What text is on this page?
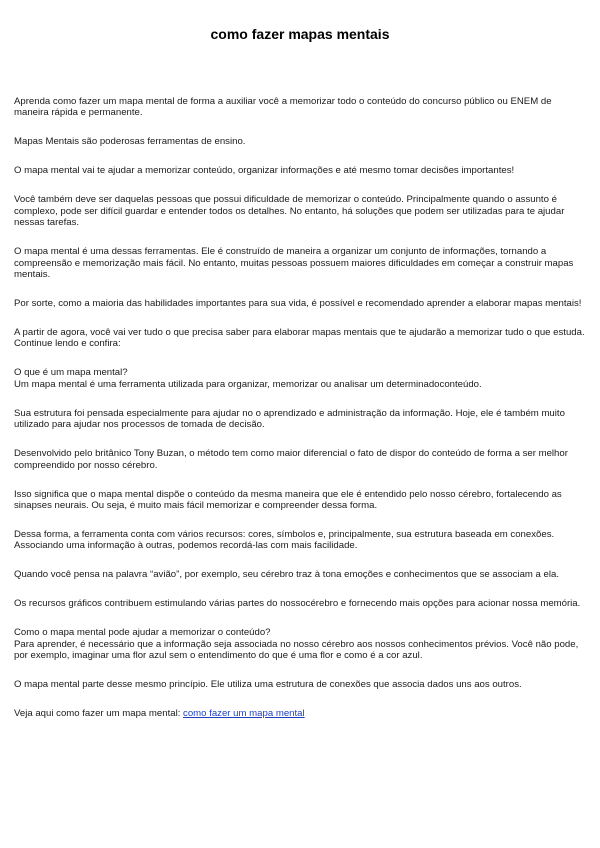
como fazer mapas mentais

Aprenda como fazer um mapa mental de forma a auxiliar você a memorizar todo o conteúdo do concurso público ou ENEM de maneira rápida e permanente.

Mapas Mentais são poderosas ferramentas de ensino.

O mapa mental vai te ajudar a memorizar conteúdo, organizar informações e até mesmo tomar decisões importantes!

Você também deve ser daquelas pessoas que possui dificuldade de memorizar o conteúdo. Principalmente quando o assunto é complexo, pode ser difícil guardar e entender todos os detalhes. No entanto, há soluções que podem ser utilizadas para te ajudar nessas tarefas.

O mapa mental é uma dessas ferramentas. Ele é construído de maneira a organizar um conjunto de informações, tornando a compreensão e memorização mais fácil. No entanto, muitas pessoas possuem maiores dificuldades em começar a construir mapas mentais.

Por sorte, como a maioria das habilidades importantes para sua vida, é possível e recomendado aprender a elaborar mapas mentais!

A partir de agora, você vai ver tudo o que precisa saber para elaborar mapas mentais que te ajudarão a memorizar tudo o que estuda. Continue lendo e confira:

O que é um mapa mental?
Um mapa mental é uma ferramenta utilizada para organizar, memorizar ou analisar um determinadoconteúdo.

Sua estrutura foi pensada especialmente para ajudar no o aprendizado e administração da informação. Hoje, ele é também muito utilizado para ajudar nos processos de tomada de decisão.

Desenvolvido pelo britânico Tony Buzan, o método tem como maior diferencial o fato de dispor do conteúdo de forma a ser melhor compreendido por nosso cérebro.

Isso significa que o mapa mental dispõe o conteúdo da mesma maneira que ele é entendido pelo nosso cérebro, fortalecendo as sinapses neurais. Ou seja, é muito mais fácil memorizar e compreender dessa forma.

Dessa forma, a ferramenta conta com vários recursos: cores, símbolos e, principalmente, sua estrutura baseada em conexões. Associando uma informação à outras, podemos recordá-las com mais facilidade.

Quando você pensa na palavra “avião”, por exemplo, seu cérebro traz à tona emoções e conhecimentos que se associam a ela.

Os recursos gráficos contribuem estimulando várias partes do nossocérebro e fornecendo mais opções para acionar nossa memória.

Como o mapa mental pode ajudar a memorizar o conteúdo?
Para aprender, é necessário que a informação seja associada no nosso cérebro aos nossos conhecimentos prévios. Você não pode, por exemplo, imaginar uma flor azul sem o entendimento do que é uma flor e como é a cor azul.

O mapa mental parte desse mesmo princípio. Ele utiliza uma estrutura de conexões que associa dados uns aos outros.

Veja aqui como fazer um mapa mental: como fazer um mapa mental
